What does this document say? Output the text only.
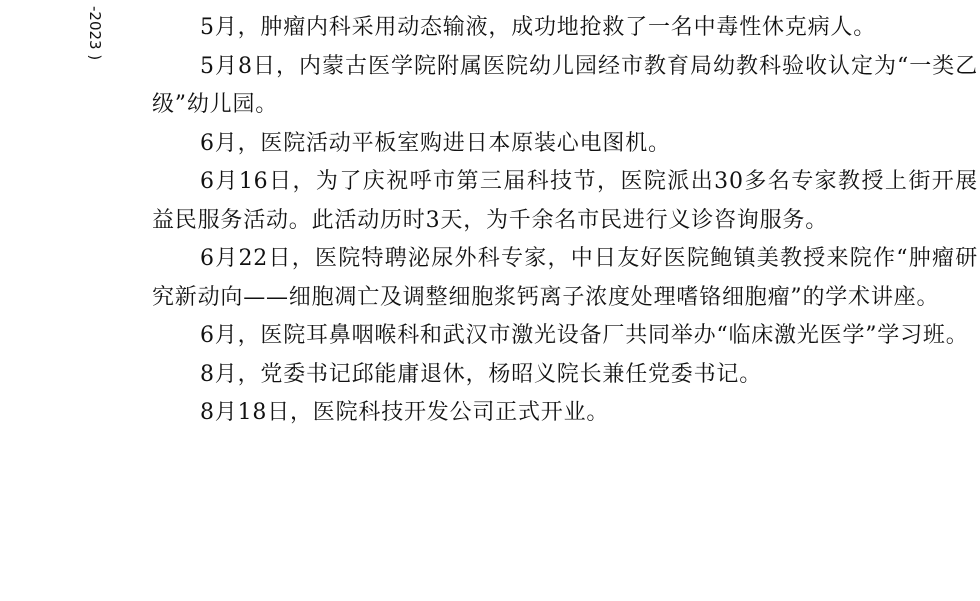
-2023 )	5月，肿瘤内科采用动态输液，成功地抢救了一名中毒性休克病人。

5月8日，内蒙古医学院附属医院幼儿园经市教育局幼教科验收认定为“一类乙级”幼儿园。

6月，医院活动平板室购进日本原装心电图机。

6月16日，为了庆祝呼市第三届科技节，医院派出30多名专家教授上街开展益民服务活动。此活动历时3天，为千余名市民进行义诊咨询服务。

6月22日，医院特聘泌尿外科专家，中日友好医院鲍镇美教授来院作“肿瘤研究新动向——细胞凋亡及调整细胞浆钙离子浓度处理嗜铬细胞瘤”的学术讲座。

6月，医院耳鼻咽喉科和武汉市激光设备厂共同举办“临床激光医学”学习班。

8月，党委书记邱能庸退休，杨昭义院长兼任党委书记。

8月18日，医院科技开发公司正式开业。
